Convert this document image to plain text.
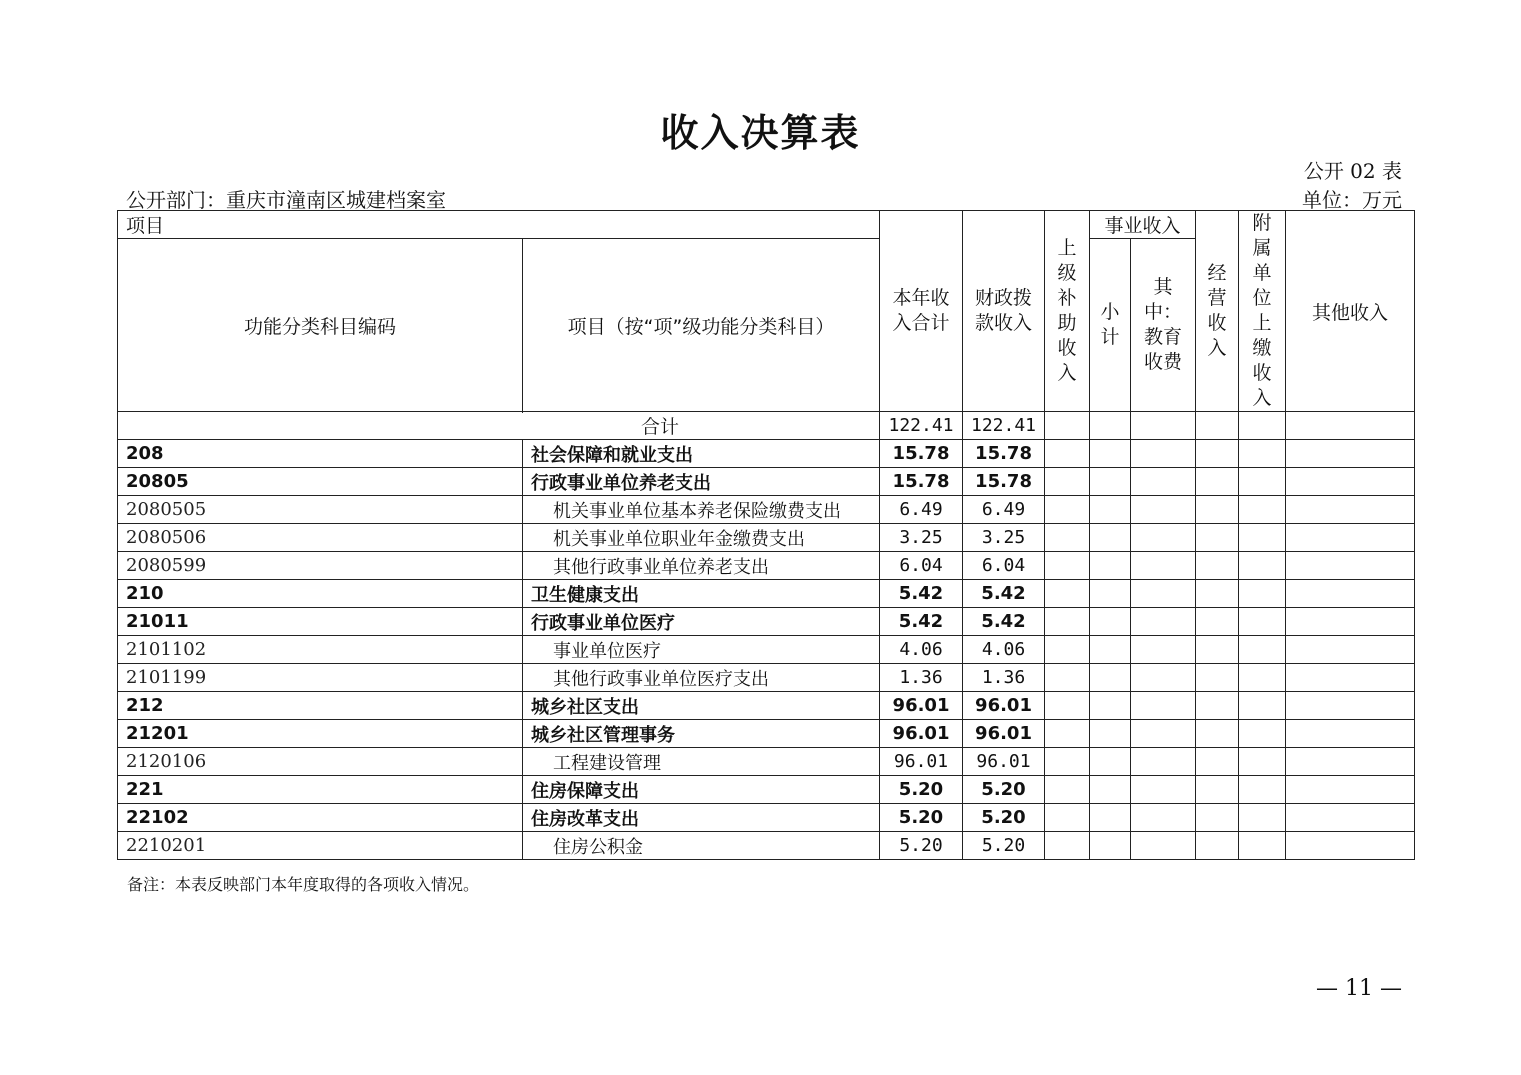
收入决算表
公开 02 表
公开部门：重庆市潼南区城建档案室	单位：万元
项目		本年收入合计	财政拨款收入	上级补助收入	事业收入		经营收入	附属单位上缴收入	其他收入
功能分类科目编码	项目（按“项”级功能分类科目）				小计	其中：教育收费			

合计		122.41	122.41						
208	社会保障和就业支出	15.78	15.78						
20805	行政事业单位养老支出	15.78	15.78						
2080505	机关事业单位基本养老保险缴费支出	6.49	6.49						
2080506	机关事业单位职业年金缴费支出	3.25	3.25						
2080599	其他行政事业单位养老支出	6.04	6.04						
210	卫生健康支出	5.42	5.42						
21011	行政事业单位医疗	5.42	5.42						
2101102	事业单位医疗	4.06	4.06						
2101199	其他行政事业单位医疗支出	1.36	1.36						
212	城乡社区支出	96.01	96.01						
21201	城乡社区管理事务	96.01	96.01						
2120106	工程建设管理	96.01	96.01						
221	住房保障支出	5.20	5.20						
22102	住房改革支出	5.20	5.20						
2210201	住房公积金	5.20	5.20						
备注：本表反映部门本年度取得的各项收入情况。
— 11 —
